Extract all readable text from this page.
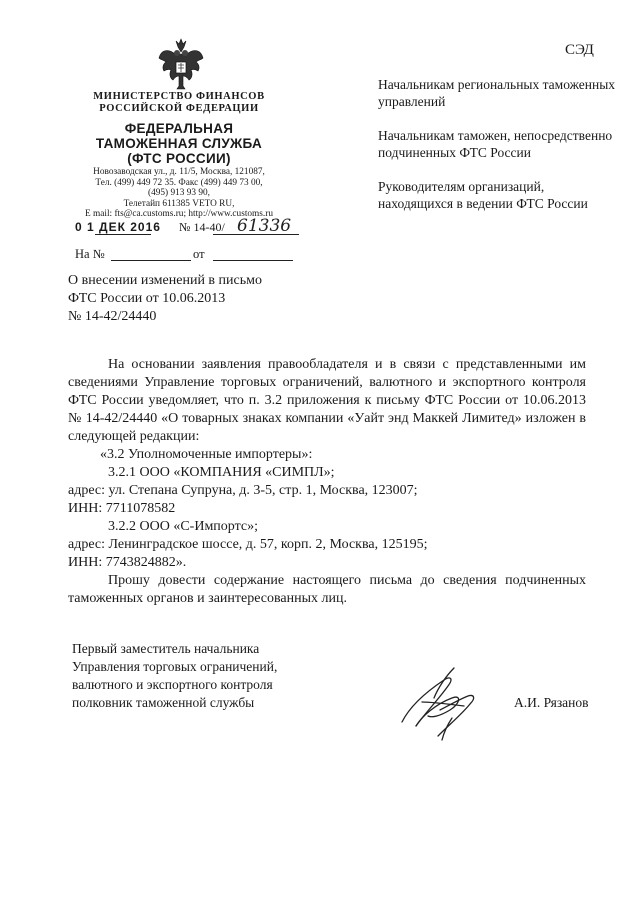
СЭД
МИНИСТЕРСТВО ФИНАНСОВ
РОССИЙСКОЙ ФЕДЕРАЦИИ
ФЕДЕРАЛЬНАЯ
ТАМОЖЕННАЯ СЛУЖБА
(ФТС РОССИИ)
Новозаводская ул., д. 11/5, Москва, 121087,
Тел. (499) 449 72 35. Факс (499) 449 73 00,
(495) 913 93 90,
Телетайп 611385 VETO RU,
E mail: fts@ca.customs.ru; http://www.customs.ru
0 1 ДЕК 2016 № 14-40/ 61336
На №	от

Начальникам региональных таможенных управлений

Начальникам таможен, непосредственно подчиненных ФТС России

Руководителям организаций, находящихся в ведении ФТС России

О внесении изменений в письмо
ФТС России от 10.06.2013
№ 14-42/24440

На основании заявления правообладателя и в связи с представленными им сведениями Управление торговых ограничений, валютного и экспортного контроля ФТС России уведомляет, что п. 3.2 приложения к письму ФТС России от 10.06.2013 № 14-42/24440 «О товарных знаках компании «Уайт энд Маккей Лимитед» изложен в следующей редакции:

«3.2 Уполномоченные импортеры»:

3.2.1 ООО «КОМПАНИЯ «СИМПЛ»;

адрес: ул. Степана Супруна, д. 3-5, стр. 1, Москва, 123007;

ИНН: 7711078582

3.2.2 ООО «С-Импортс»;

адрес: Ленинградское шоссе, д. 57, корп. 2, Москва, 125195;

ИНН: 7743824882».

Прошу довести содержание настоящего письма до сведения подчиненных таможенных органов и заинтересованных лиц.

Первый заместитель начальника
Управления торговых ограничений,
валютного и экспортного контроля
полковник таможенной службы	А.И. Рязанов
